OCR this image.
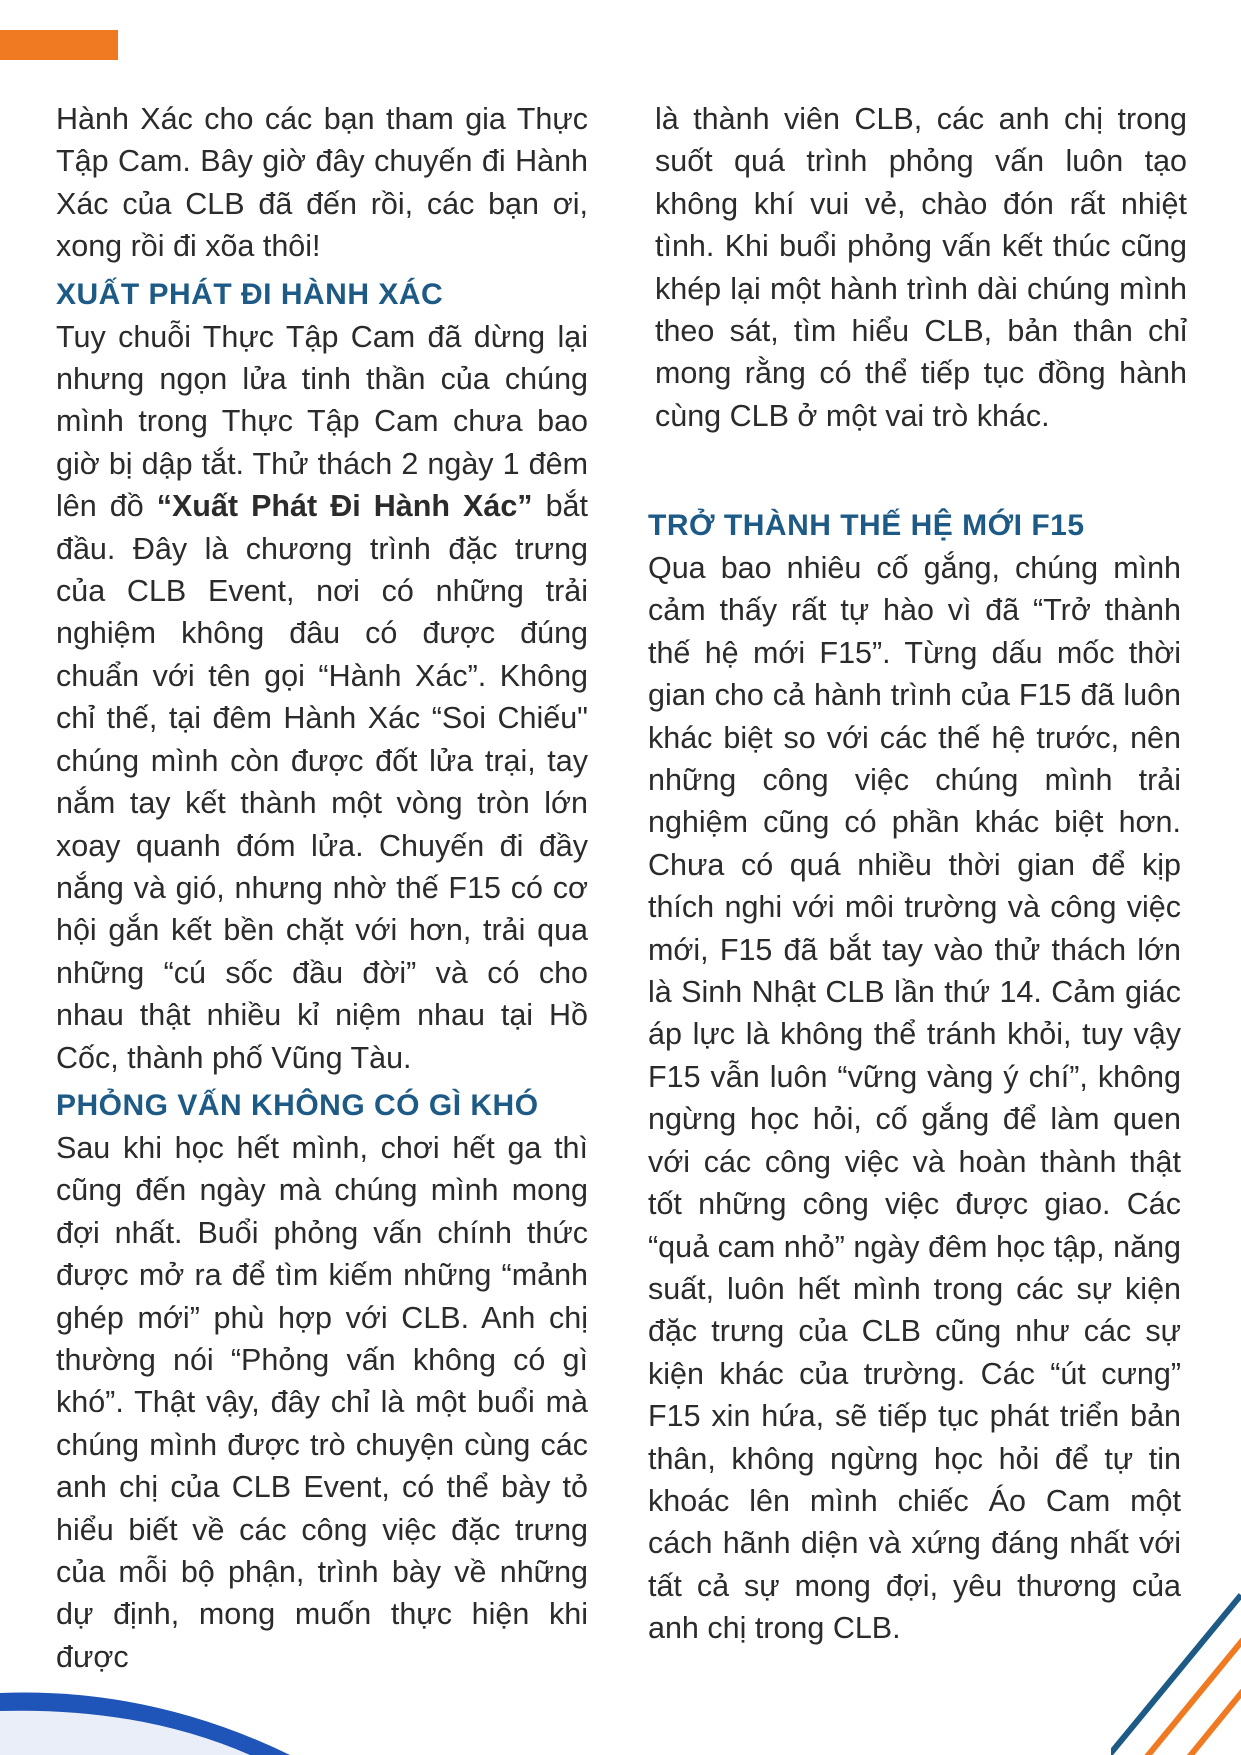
Hành Xác cho các bạn tham gia Thực Tập Cam. Bây giờ đây chuyến đi Hành Xác của CLB đã đến rồi, các bạn ơi, xong rồi đi xõa thôi!

XUẤT PHÁT ĐI HÀNH XÁC

Tuy chuỗi Thực Tập Cam đã dừng lại nhưng ngọn lửa tinh thần của chúng mình trong Thực Tập Cam chưa bao giờ bị dập tắt. Thử thách 2 ngày 1 đêm lên đồ “Xuất Phát Đi Hành Xác” bắt đầu. Đây là chương trình đặc trưng của CLB Event, nơi có những trải nghiệm không đâu có được đúng chuẩn với tên gọi “Hành Xác”. Không chỉ thế, tại đêm Hành Xác “Soi Chiếu" chúng mình còn được đốt lửa trại, tay nắm tay kết thành một vòng tròn lớn xoay quanh đóm lửa. Chuyến đi đầy nắng và gió, nhưng nhờ thế F15 có cơ hội gắn kết bền chặt với hơn, trải qua những “cú sốc đầu đời” và có cho nhau thật nhiều kỉ niệm nhau tại Hồ Cốc, thành phố Vũng Tàu.

PHỎNG VẤN KHÔNG CÓ GÌ KHÓ

Sau khi học hết mình, chơi hết ga thì cũng đến ngày mà chúng mình mong đợi nhất. Buổi phỏng vấn chính thức được mở ra để tìm kiếm những “mảnh ghép mới” phù hợp với CLB. Anh chị thường nói “Phỏng vấn không có gì khó”. Thật vậy, đây chỉ là một buổi mà chúng mình được trò chuyện cùng các anh chị của CLB Event, có thể bày tỏ hiểu biết về các công việc đặc trưng của mỗi bộ phận, trình bày về những dự định, mong muốn thực hiện khi được

là thành viên CLB, các anh chị trong suốt quá trình phỏng vấn luôn tạo không khí vui vẻ, chào đón rất nhiệt tình. Khi buổi phỏng vấn kết thúc cũng khép lại một hành trình dài chúng mình theo sát, tìm hiểu CLB, bản thân chỉ mong rằng có thể tiếp tục đồng hành cùng CLB ở một vai trò khác.

TRỞ THÀNH THẾ HỆ MỚI F15

Qua bao nhiêu cố gắng, chúng mình cảm thấy rất tự hào vì đã “Trở thành thế hệ mới F15”. Từng dấu mốc thời gian cho cả hành trình của F15 đã luôn khác biệt so với các thế hệ trước, nên những công việc chúng mình trải nghiệm cũng có phần khác biệt hơn. Chưa có quá nhiều thời gian để kịp thích nghi với môi trường và công việc mới, F15 đã bắt tay vào thử thách lớn là Sinh Nhật CLB lần thứ 14. Cảm giác áp lực là không thể tránh khỏi, tuy vậy F15 vẫn luôn “vững vàng ý chí”, không ngừng học hỏi, cố gắng để làm quen với các công việc và hoàn thành thật tốt những công việc được giao. Các “quả cam nhỏ” ngày đêm học tập, năng suất, luôn hết mình trong các sự kiện đặc trưng của CLB cũng như các sự kiện khác của trường. Các “út cưng” F15 xin hứa, sẽ tiếp tục phát triển bản thân, không ngừng học hỏi để tự tin khoác lên mình chiếc Áo Cam một cách hãnh diện và xứng đáng nhất với tất cả sự mong đợi, yêu thương của anh chị trong CLB.
